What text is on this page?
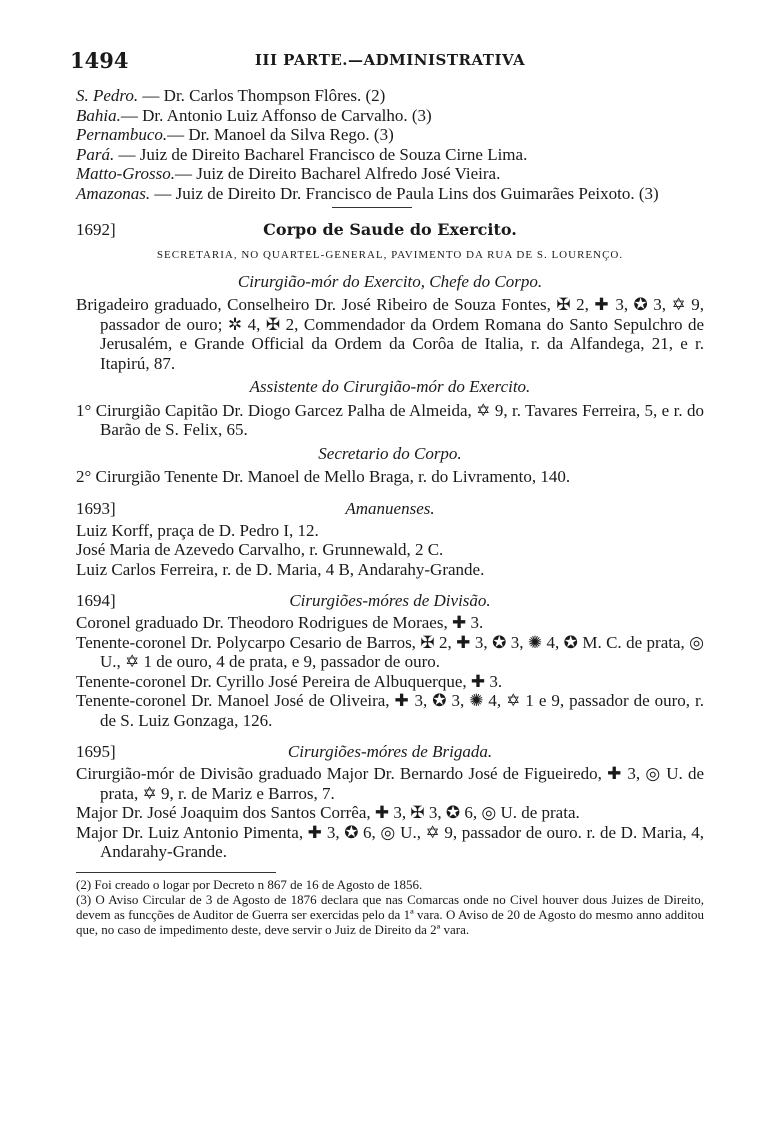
1494	III PARTE.—ADMINISTRATIVA

S. Pedro. — Dr. Carlos Thompson Flôres. (2)

Bahia.— Dr. Antonio Luiz Affonso de Carvalho. (3)

Pernambuco.— Dr. Manoel da Silva Rego. (3)

Pará. — Juiz de Direito Bacharel Francisco de Souza Cirne Lima.

Matto-Grosso.— Juiz de Direito Bacharel Alfredo José Vieira.

Amazonas. — Juiz de Direito Dr. Francisco de Paula Lins dos Guimarães Peixoto. (3)

1692]	Corpo de Saude do Exercito.
SECRETARIA, NO QUARTEL-GENERAL, PAVIMENTO DA RUA DE S. LOURENÇO.
Cirurgião-mór do Exercito, Chefe do Corpo.

Brigadeiro graduado, Conselheiro Dr. José Ribeiro de Souza Fontes, ✠ 2, ✚ 3, ✪ 3, ✡ 9, passador de ouro; ✲ 4, ✠ 2, Commendador da Ordem Romana do Santo Sepulchro de Jerusalém, e Grande Official da Ordem da Corôa de Italia, r. da Alfandega, 21, e r. Itapirú, 87.

Assistente do Cirurgião-mór do Exercito.

1° Cirurgião Capitão Dr. Diogo Garcez Palha de Almeida, ✡ 9, r. Tavares Ferreira, 5, e r. do Barão de S. Felix, 65.

Secretario do Corpo.

2° Cirurgião Tenente Dr. Manoel de Mello Braga, r. do Livramento, 140.

1693]	Amanuenses.

Luiz Korff, praça de D. Pedro I, 12.

José Maria de Azevedo Carvalho, r. Grunnewald, 2 C.

Luiz Carlos Ferreira, r. de D. Maria, 4 B, Andarahy-Grande.

1694]	Cirurgiões-móres de Divisão.

Coronel graduado Dr. Theodoro Rodrigues de Moraes, ✚ 3.

Tenente-coronel Dr. Polycarpo Cesario de Barros, ✠ 2, ✚ 3, ✪ 3, ✺ 4, ✪ M. C. de prata, ◎ U., ✡ 1 de ouro, 4 de prata, e 9, passador de ouro.

Tenente-coronel Dr. Cyrillo José Pereira de Albuquerque, ✚ 3.

Tenente-coronel Dr. Manoel José de Oliveira, ✚ 3, ✪ 3, ✺ 4, ✡ 1 e 9, passador de ouro, r. de S. Luiz Gonzaga, 126.

1695]	Cirurgiões-móres de Brigada.

Cirurgião-mór de Divisão graduado Major Dr. Bernardo José de Figueiredo, ✚ 3, ◎ U. de prata, ✡ 9, r. de Mariz e Barros, 7.

Major Dr. José Joaquim dos Santos Corrêa, ✚ 3, ✠ 3, ✪ 6, ◎ U. de prata.

Major Dr. Luiz Antonio Pimenta, ✚ 3, ✪ 6, ◎ U., ✡ 9, passador de ouro. r. de D. Maria, 4, Andarahy-Grande.

(2) Foi creado o logar por Decreto n 867 de 16 de Agosto de 1856.

(3) O Aviso Circular de 3 de Agosto de 1876 declara que nas Comarcas onde no Civel houver dous Juizes de Direito, devem as funcções de Auditor de Guerra ser exercidas pelo da 1ª vara. O Aviso de 20 de Agosto do mesmo anno additou que, no caso de impedimento deste, deve servir o Juiz de Direito da 2ª vara.
